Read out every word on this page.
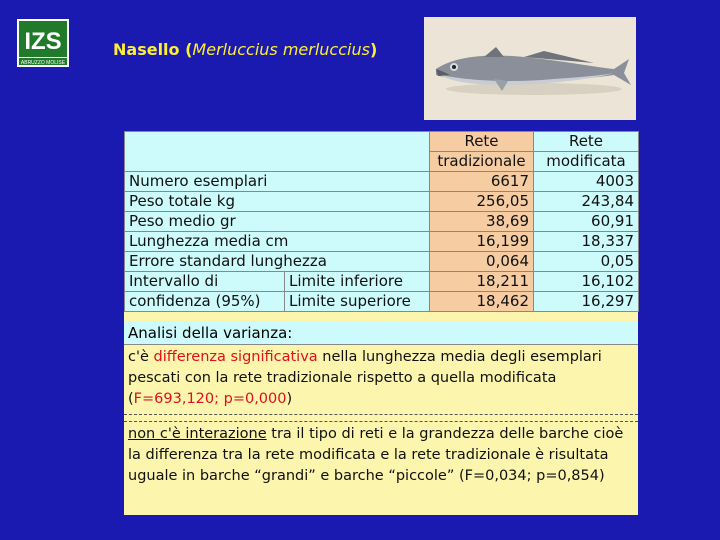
IZS
ABRUZZO MOLISE
Nasello (Merluccius merluccius)
		Rete	Rete
		tradizionale	modificata
Numero esemplari		6617	4003
Peso totale kg		256,05	243,84
Peso medio gr		38,69	60,91
Lunghezza media cm		16,199	18,337
Errore standard lunghezza		0,064	0,05
Intervallo di	Limite inferiore	18,211	16,102
confidenza (95%)	Limite superiore	18,462	16,297
Analisi della varianza:
c'è differenza significativa nella lunghezza media degli esemplari pescati con la rete tradizionale rispetto a quella modificata (F=693,120; p=0,000)
non c'è interazione tra il tipo di reti e la grandezza delle barche cioè la differenza tra la rete modificata e la rete tradizionale è risultata uguale in barche “grandi” e barche “piccole” (F=0,034; p=0,854)
